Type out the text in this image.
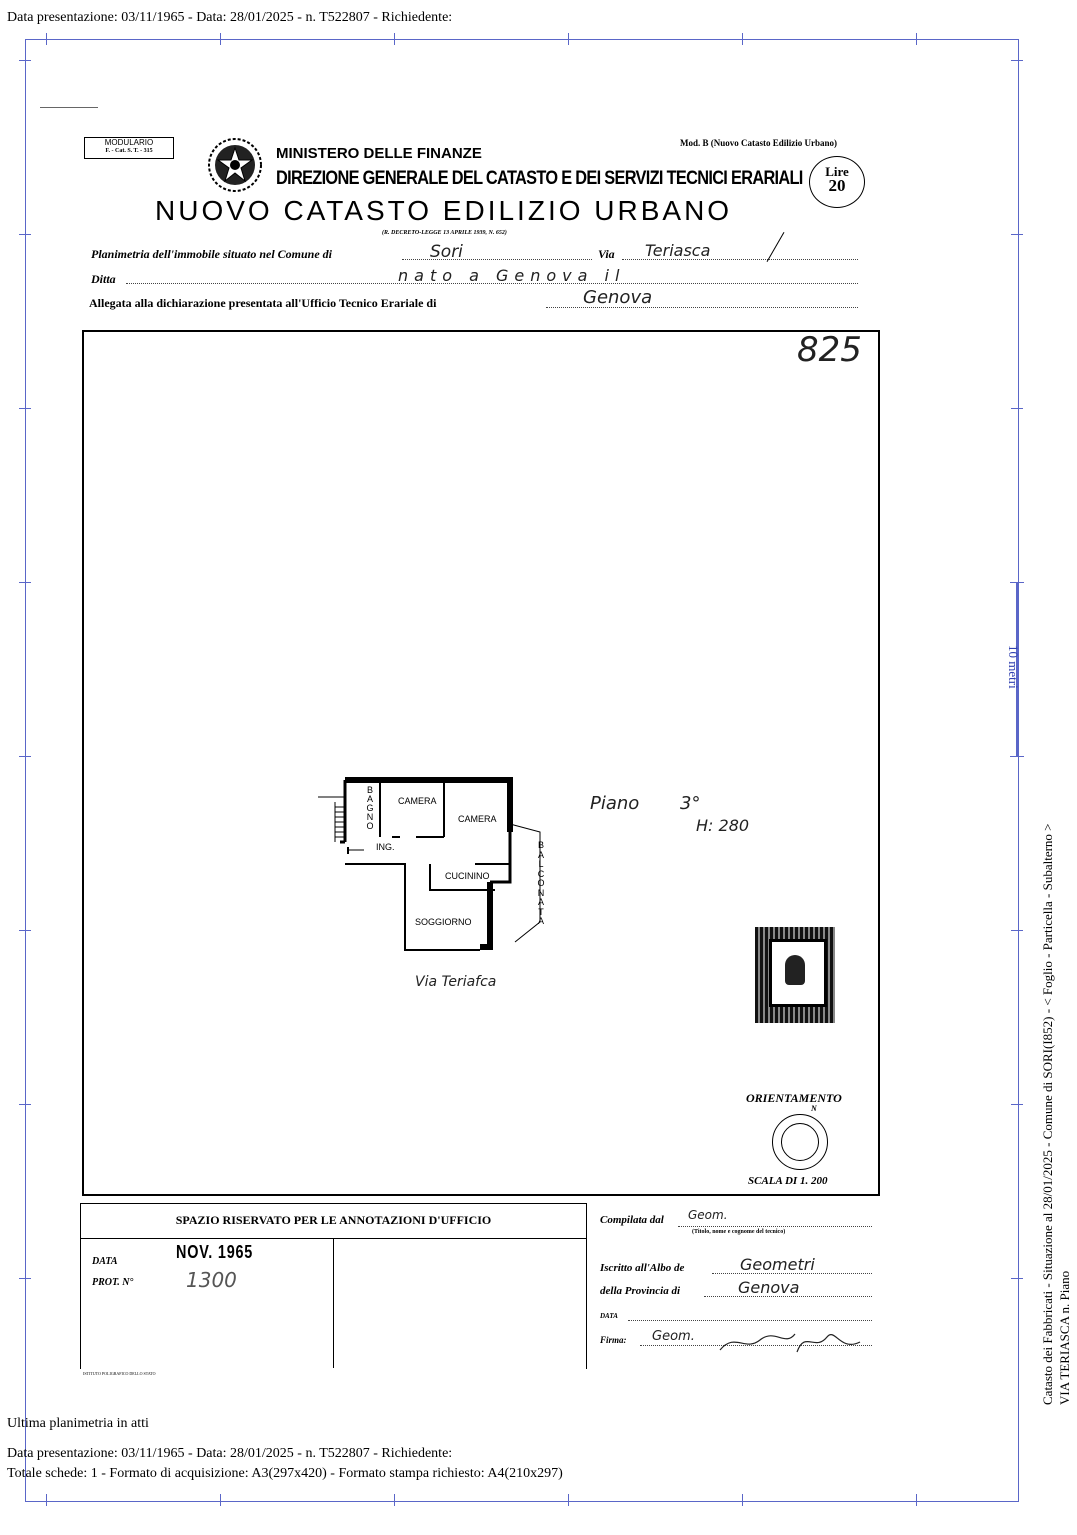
Data presentazione: 03/11/1965 - Data: 28/01/2025 - n. T522807 - Richiedente:
10 metri
Catasto dei Fabbricati - Situazione al 28/01/2025 - Comune di SORI(I852) - < Foglio - Particella - Subalterno > VIA TERIASCA n. Piano
MODULARIO
F. - Cat. S. T. - 315	MINISTERO DELLE FINANZE
Mod. B (Nuovo Catasto Edilizio Urbano)
DIREZIONE GENERALE DEL CATASTO E DEI SERVIZI TECNICI ERARIALI	Lire
20
NUOVO CATASTO EDILIZIO URBANO
(R. DECRETO-LEGGE 13 APRILE 1939, N. 652)
Planimetria dell'immobile situato nel Comune di	Sori	Via Teriasca
Ditta	nato a Genova il
Allegata alla dichiarazione presentata all'Ufficio Tecnico Erariale di	Genova
825
BAGNO
CAMERA
CAMERA
ING.
CUCININO
SOGGIORNO
BALCONATA
Via Teriafca
Piano 3°
H: 280
ORIENTAMENTO
N
SCALA DI 1. 200
SPAZIO RISERVATO PER LE ANNOTAZIONI D'UFFICIO
DATA	NOV. 1965
PROT. N°	1300
ISTITUTO POLIGRAFICO DELLO STATO
Compilata dal Geom.
(Titolo, nome e cognome del tecnico)
Iscritto all'Albo de	Geometri
della Provincia di	Genova
DATA
Firma: Geom.
Ultima planimetria in atti
Data presentazione: 03/11/1965 - Data: 28/01/2025 - n. T522807 - Richiedente:
Totale schede: 1 - Formato di acquisizione: A3(297x420) - Formato stampa richiesto: A4(210x297)
